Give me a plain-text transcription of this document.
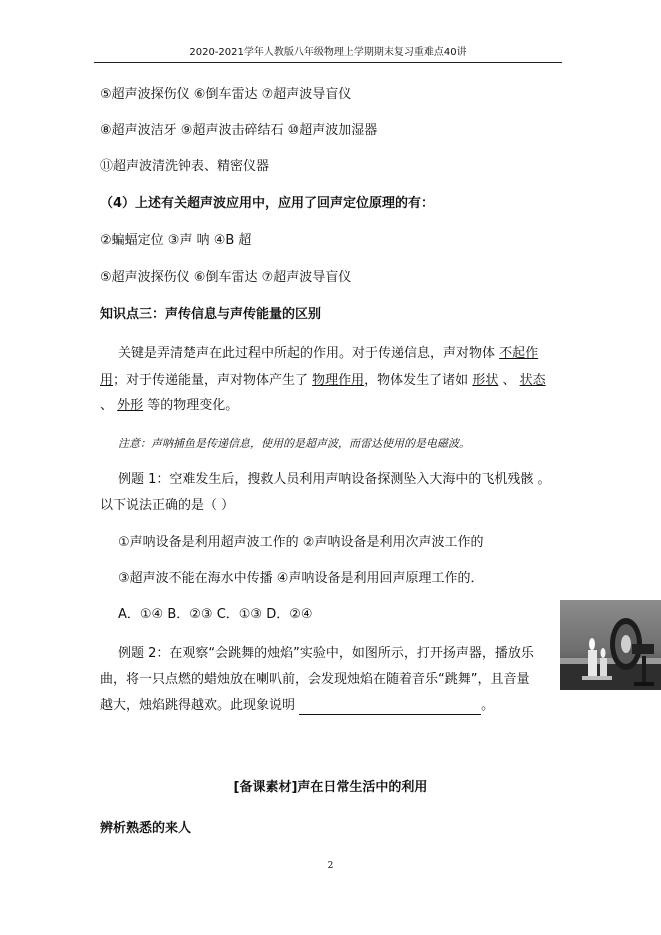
2020-2021学年人教版八年级物理上学期期末复习重难点40讲
⑤超声波探伤仪 ⑥倒车雷达 ⑦超声波导盲仪
⑧超声波洁牙 ⑨超声波击碎结石 ⑩超声波加湿器
⑪超声波清洗钟表、精密仪器
（4）上述有关超声波应用中，应用了回声定位原理的有：
②蝙蝠定位 ③声 呐 ④B 超
⑤超声波探伤仪 ⑥倒车雷达 ⑦超声波导盲仪
知识点三：声传信息与声传能量的区别
关键是弄清楚声在此过程中所起的作用。对于传递信息，声对物体 不起作
用；对于传递能量，声对物体产生了 物理作用，物体发生了诸如 形状 、 状态
、 外形 等的物理变化。
注意：声呐捕鱼是传递信息，使用的是超声波，而雷达使用的是电磁波。
例题 1：空难发生后，搜救人员利用声呐设备探测坠入大海中的飞机残骸 。
以下说法正确的是（ ）
①声呐设备是利用超声波工作的 ②声呐设备是利用次声波工作的
③超声波不能在海水中传播 ④声呐设备是利用回声原理工作的．
A．①④ B．②③ C．①③ D．②④
例题 2：在观察“会跳舞的烛焰”实验中，如图所示，打开扬声器，播放乐
曲，将一只点燃的蜡烛放在喇叭前，会发现烛焰在随着音乐“跳舞”，且音量
越大，烛焰跳得越欢。此现象说明	。
[备课素材]声在日常生活中的利用
辨析熟悉的来人
2
